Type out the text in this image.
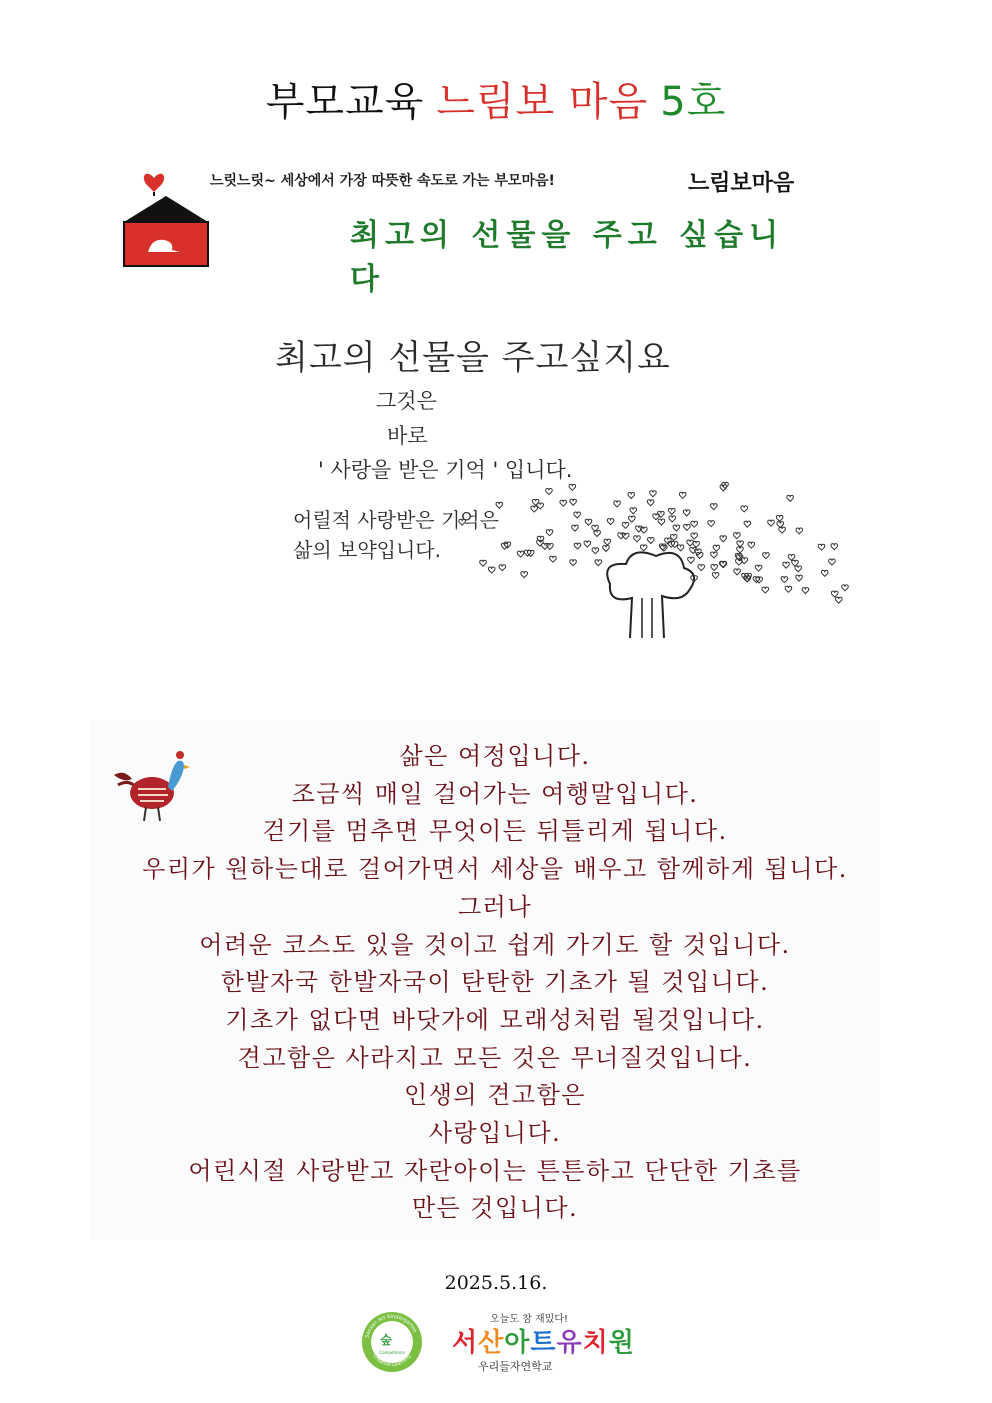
부모교육 느림보 마음 5호
느릿느릿~ 세상에서 가장 따뜻한 속도로 가는 부모마음!	느림보마음
최고의 선물을 주고 싶습니다
최고의 선물을 주고싶지요
그것은
바로
' 사랑을 받은 기억 ' 입니다.
어릴적 사랑받은 기억은
삶의 보약입니다.
삶은 여정입니다.
조금씩 매일 걸어가는 여행말입니다.
걷기를 멈추면 무엇이든 뒤틀리게 됩니다.
우리가 원하는대로 걸어가면서 세상을 배우고 함께하게 됩니다.
그러나
어려운 코스도 있을 것이고 쉽게 가기도 할 것입니다.
한발자국 한발자국이 탄탄한 기초가 될 것입니다.
기초가 없다면 바닷가에 모래성처럼 될것입니다.
견고함은 사라지고 모든 것은 무너질것입니다.
인생의 견고함은
사랑입니다.
어린시절 사랑받고 자란아이는 튼튼하고 단단한 기초를
만든 것입니다.
2025.5.16.
Seosan Art Kindergarten
Creative Learning
숲
Competence
오늘도 참 재밌다!
서산아트유치원
우리들자연학교
